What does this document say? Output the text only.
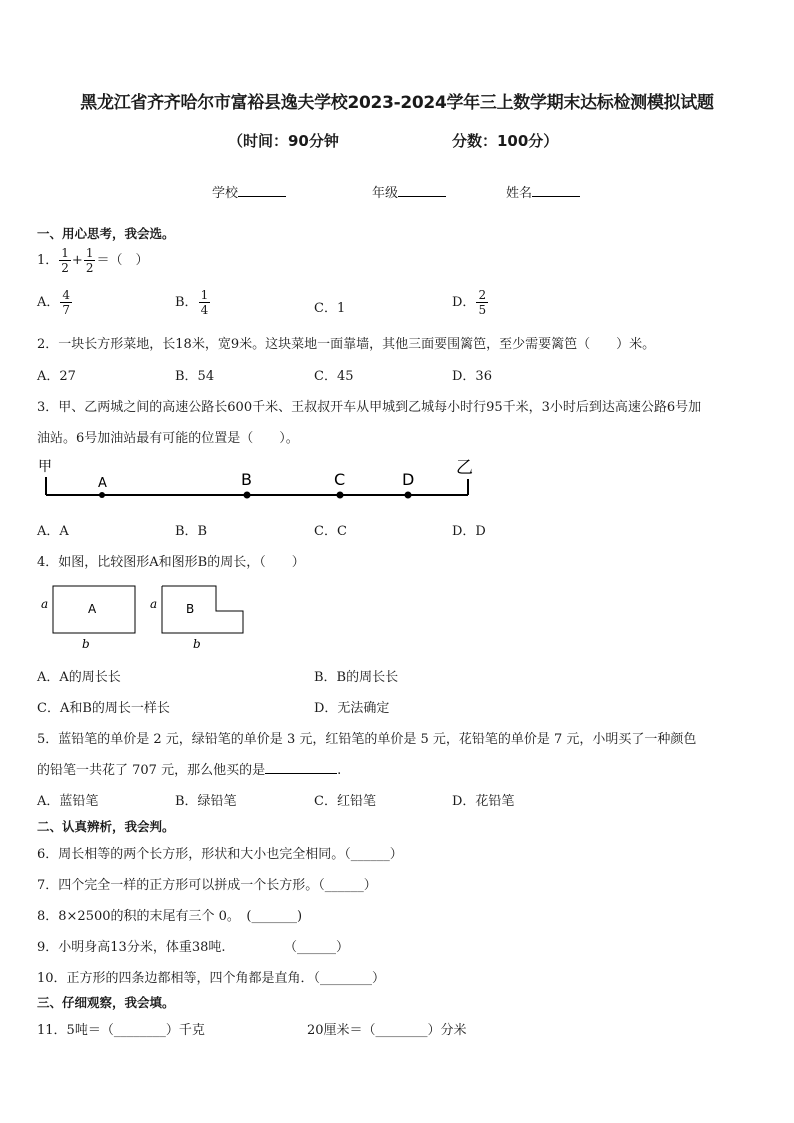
黑龙江省齐齐哈尔市富裕县逸夫学校2023-2024学年三上数学期末达标检测模拟试题
（时间：90分钟	分数：100分）
学校	年级	姓名
一、用心思考，我会选。
1． $\frac{1}{2} + \frac{1}{2}$ ＝（　）
A． $\frac{4}{7}$	B． $\frac{1}{4}$	C．1	D． $\frac{2}{5}$
2．一块长方形菜地，长18米，宽9米。这块菜地一面靠墙，其他三面要围篱笆，至少需要篱笆（　　）米。
A．27	B．54	C．45	D．36
3．甲、乙两城之间的高速公路长600千米、王叔叔开车从甲城到乙城每小时行95千米，3小时后到达高速公路6号加
油站。6号加油站最有可能的位置是（　　）。
甲	乙
A	B	C	D
A．A	B．B	C．C	D．D
4．如图，比较图形A和图形B的周长，（　　）
A
a
b
B
a
b
A．A的周长长	B．B的周长长
C．A和B的周长一样长	D．无法确定
5．蓝铅笔的单价是 2 元，绿铅笔的单价是 3 元，红铅笔的单价是 5 元，花铅笔的单价是 7 元，小明买了一种颜色
的铅笔一共花了 707 元，那么他买的是	.
A．蓝铅笔	B．绿铅笔	C．红铅笔	D．花铅笔
二、认真辨析，我会判。
6．周长相等的两个长方形，形状和大小也完全相同。（______）
7．四个完全一样的正方形可以拼成一个长方形。（______）
8．8×2500的积的末尾有三个 0。　(_______)
9．小明身高13分米，体重38吨.　　　　　（______）
10．正方形的四条边都相等，四个角都是直角．（________）
三、仔细观察，我会填。
11．5吨＝（________）千克	20厘米＝（________）分米
